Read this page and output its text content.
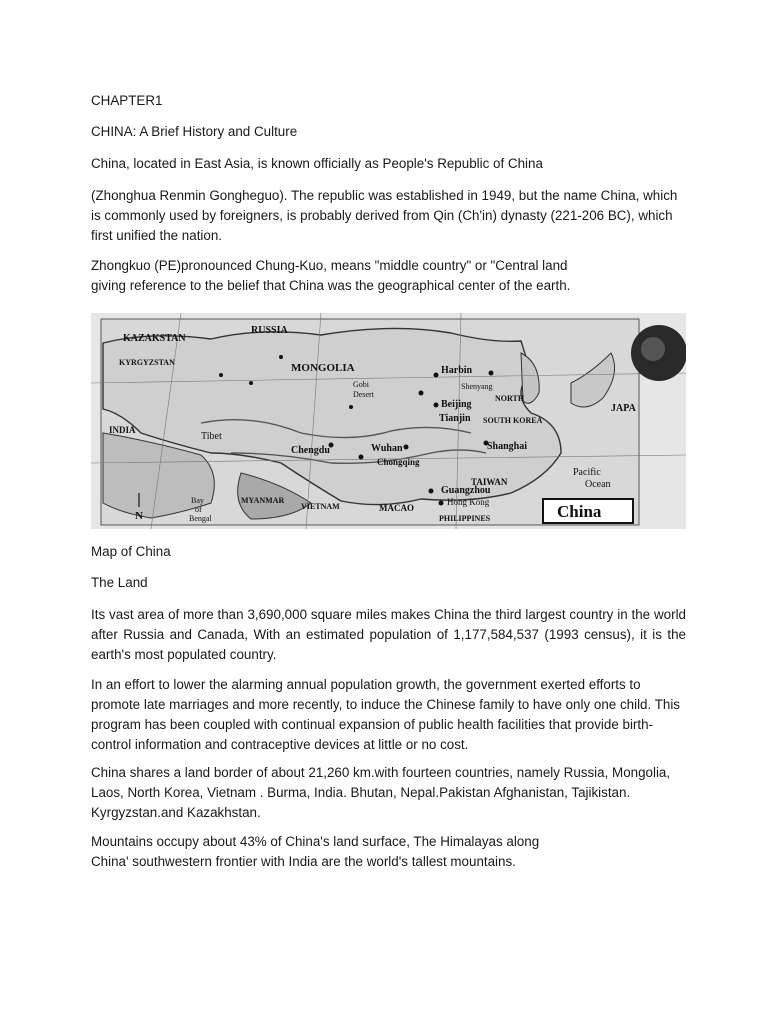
CHAPTER1
CHINA: A Brief History and Culture
China, located in East Asia, is known officially as People's Republic of China
(Zhonghua Renmin Gongheguo). The republic was established in 1949, but the name China, which is commonly used by foreigners, is probably derived from Qin (Ch'in) dynasty (221-206 BC), which first unified the nation.
Zhongkuo (PE)pronounced Chung-Kuo, means "middle country" or "Central land
giving reference to the belief that China was the geographical center of the earth.
KAZAKSTAN
RUSSIA
KYRGYZSTAN	MONGOLIA
Gobi
Desert
Harbin
Shenyang
NORTH
Beijing
Tianjin SOUTH KOREA
JAPA
Tibet
Chengdu	Wuhan	Shanghai
Chongqing
INDIA
TAIWAN
Guangzhou
Hong Kong
MACAO
PHILIPPINES
VIETNAM
MYANMAR
Pacific
Ocean
Bay
of
Bengal
N	China
Map of China
The Land
Its vast area of more than 3,690,000 square miles makes China the third largest country in the world after Russia and Canada, With an estimated population of 1,177,584,537 (1993 census), it is the earth's most populated country.
In an effort to lower the alarming annual population growth, the government exerted efforts to promote late marriages and more recently, to induce the Chinese family to have only one child. This program has been coupled with continual expansion of public health facilities that provide birth-control information and contraceptive devices at little or no cost.
China shares a land border of about 21,260 km.with fourteen countries, namely Russia, Mongolia, Laos, North Korea, Vietnam . Burma, India. Bhutan, Nepal.Pakistan Afghanistan, Tajikistan. Kyrgyzstan.and Kazakhstan.
Mountains occupy about 43% of China's land surface, The Himalayas along
China' southwestern frontier with India are the world's tallest mountains.
